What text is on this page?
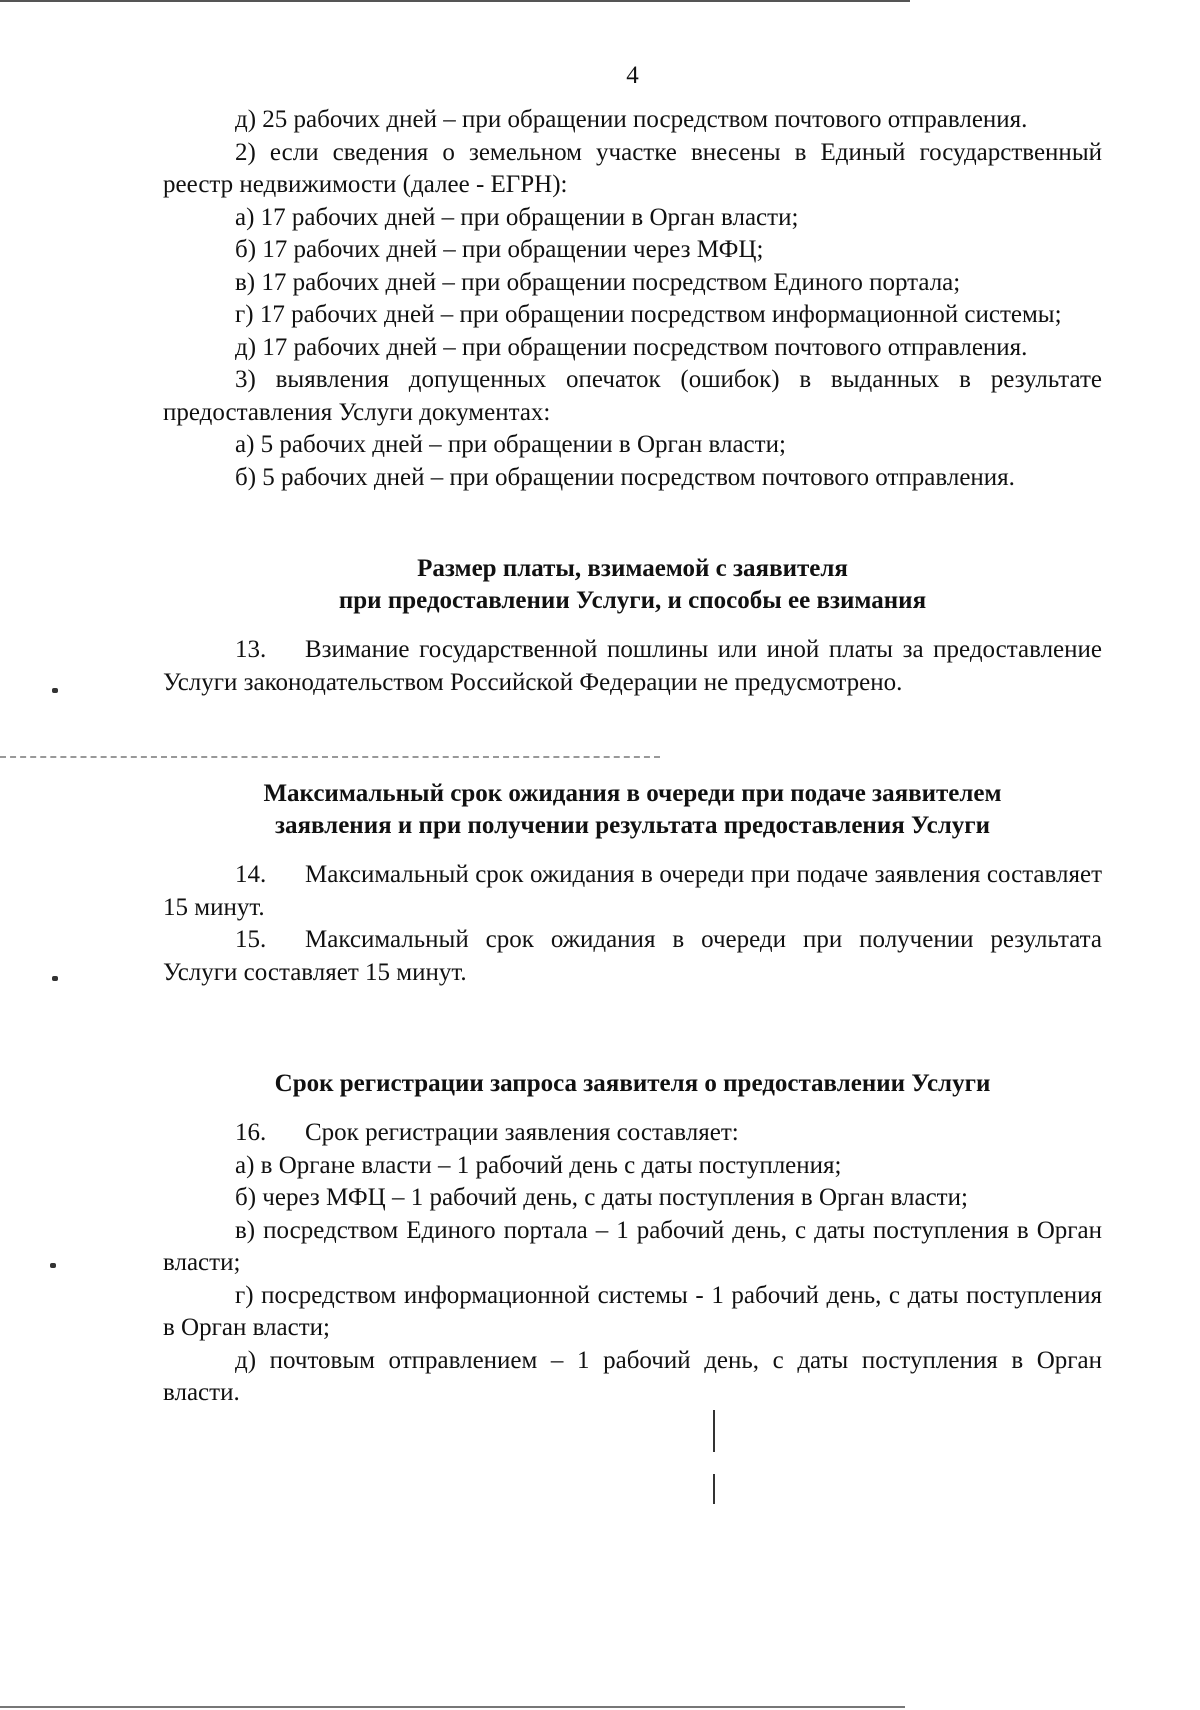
4

д) 25 рабочих дней – при обращении посредством почтового отправления.

2) если сведения о земельном участке внесены в Единый государственный реестр недвижимости (далее - ЕГРН):

а) 17 рабочих дней – при обращении в Орган власти;

б) 17 рабочих дней – при обращении через МФЦ;

в) 17 рабочих дней – при обращении посредством Единого портала;

г) 17 рабочих дней – при обращении посредством информационной системы;

д) 17 рабочих дней – при обращении посредством почтового отправления.

3) выявления допущенных опечаток (ошибок) в выданных в результате предоставления Услуги документах:

а) 5 рабочих дней – при обращении в Орган власти;

б) 5 рабочих дней – при обращении посредством почтового отправления.

Размер платы, взимаемой с заявителя
при предоставлении Услуги, и способы ее взимания

13. Взимание государственной пошлины или иной платы за предоставление Услуги законодательством Российской Федерации не предусмотрено.

Максимальный срок ожидания в очереди при подаче заявителем
заявления и при получении результата предоставления Услуги

14. Максимальный срок ожидания в очереди при подаче заявления составляет 15 минут.

15. Максимальный срок ожидания в очереди при получении результата Услуги составляет 15 минут.

Срок регистрации запроса заявителя о предоставлении Услуги

16. Срок регистрации заявления составляет:

а) в Органе власти – 1 рабочий день с даты поступления;

б) через МФЦ – 1 рабочий день, с даты поступления в Орган власти;

в) посредством Единого портала – 1 рабочий день, с даты поступления в Орган власти;

г) посредством информационной системы - 1 рабочий день, с даты поступления в Орган власти;

д) почтовым отправлением – 1 рабочий день, с даты поступления в Орган власти.
